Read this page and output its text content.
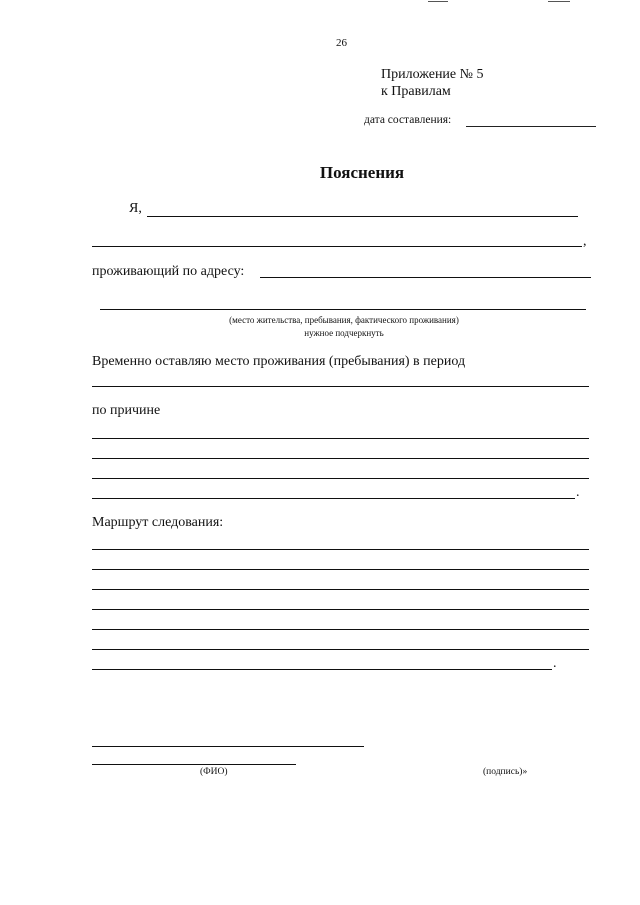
26
Приложение № 5
к Правилам
дата составления:
Пояснения
Я,
,
проживающий по адресу:
(место жительства, пребывания, фактического проживания)
нужное подчеркнуть
Временно оставляю место проживания (пребывания) в период
по причине
.
Маршрут следования:
.
(ФИО)	(подпись)»
